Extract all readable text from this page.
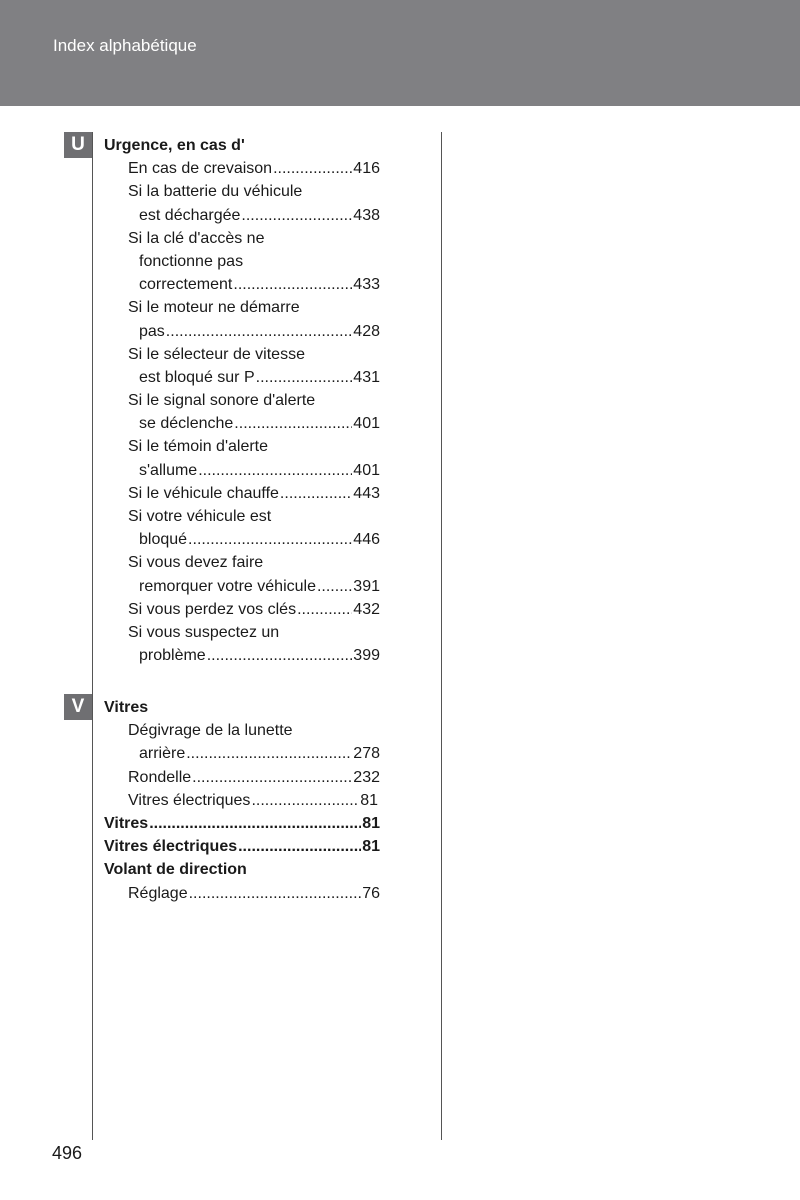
Index alphabétique
U	Urgence, en cas d'
En cas de crevaison .....	416
Si la batterie du véhicule
est déchargée .....	438
Si la clé d'accès ne
fonctionne pas
correctement .....	433
Si le moteur ne démarre
pas .....	428
Si le sélecteur de vitesse
est bloqué sur P .....	431
Si le signal sonore d'alerte
se déclenche .....	401
Si le témoin d'alerte
s'allume .....	401
Si le véhicule chauffe .....	443
Si votre véhicule est
bloqué .....	446
Si vous devez faire
remorquer votre véhicule ..... 391
Si vous perdez vos clés .....	432
Si vous suspectez un
problème .....	399
V	Vitres
Dégivrage de la lunette
arrière .....	278
Rondelle .....	232
Vitres électriques .....	81
Vitres .....	81
Vitres électriques .....	81
Volant de direction
Réglage .....	76
496
